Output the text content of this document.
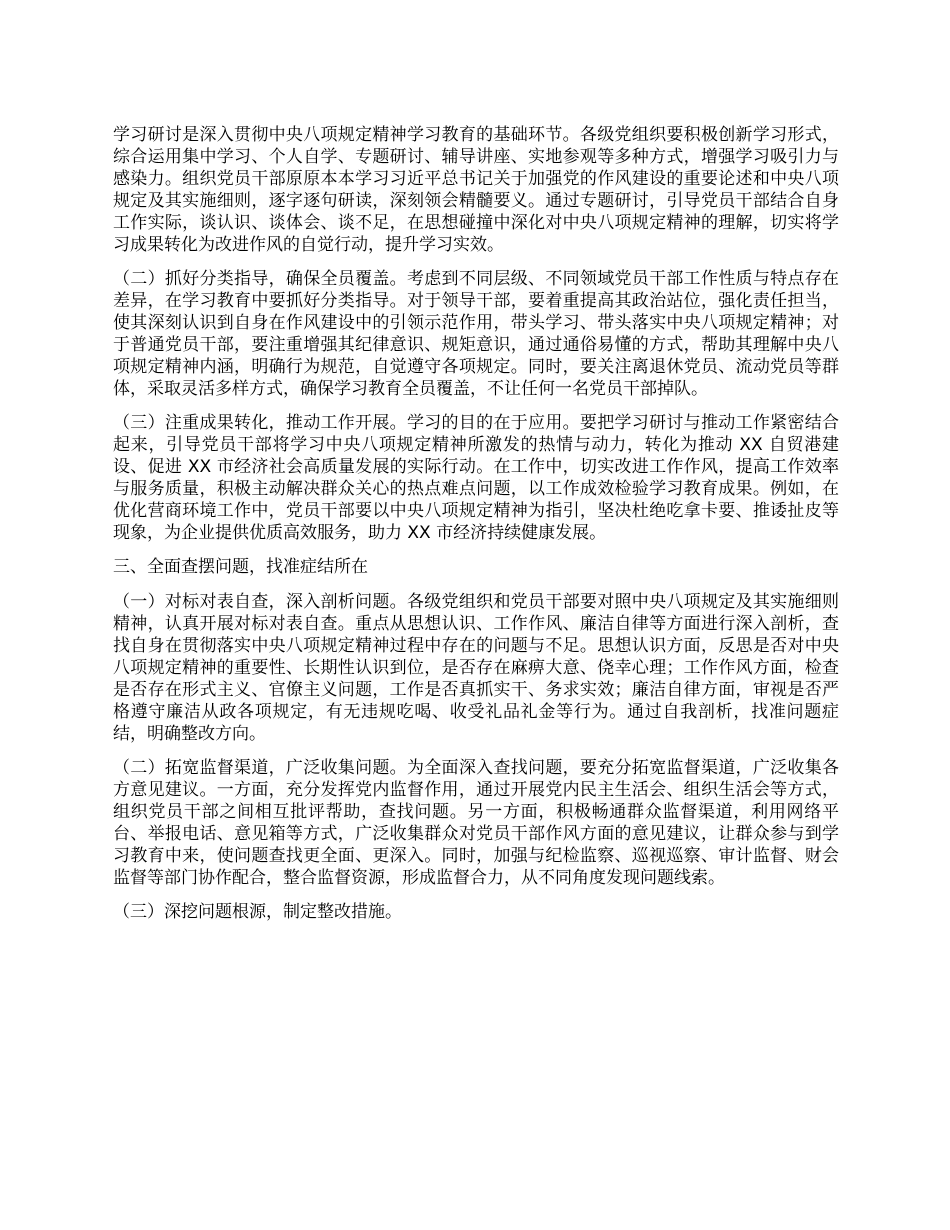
学习研讨是深入贯彻中央八项规定精神学习教育的基础环节。各级党组织要积极创新学习形式，综合运用集中学习、个人自学、专题研讨、辅导讲座、实地参观等多种方式，增强学习吸引力与感染力。组织党员干部原原本本学习习近平总书记关于加强党的作风建设的重要论述和中央八项规定及其实施细则，逐字逐句研读，深刻领会精髓要义。通过专题研讨，引导党员干部结合自身工作实际，谈认识、谈体会、谈不足，在思想碰撞中深化对中央八项规定精神的理解，切实将学习成果转化为改进作风的自觉行动，提升学习实效。

（二）抓好分类指导，确保全员覆盖。考虑到不同层级、不同领域党员干部工作性质与特点存在差异，在学习教育中要抓好分类指导。对于领导干部，要着重提高其政治站位，强化责任担当，使其深刻认识到自身在作风建设中的引领示范作用，带头学习、带头落实中央八项规定精神；对于普通党员干部，要注重增强其纪律意识、规矩意识，通过通俗易懂的方式，帮助其理解中央八项规定精神内涵，明确行为规范，自觉遵守各项规定。同时，要关注离退休党员、流动党员等群体，采取灵活多样方式，确保学习教育全员覆盖，不让任何一名党员干部掉队。

（三）注重成果转化，推动工作开展。学习的目的在于应用。要把学习研讨与推动工作紧密结合起来，引导党员干部将学习中央八项规定精神所激发的热情与动力，转化为推动 XX 自贸港建设、促进 XX 市经济社会高质量发展的实际行动。在工作中，切实改进工作作风，提高工作效率与服务质量，积极主动解决群众关心的热点难点问题，以工作成效检验学习教育成果。例如，在优化营商环境工作中，党员干部要以中央八项规定精神为指引，坚决杜绝吃拿卡要、推诿扯皮等现象，为企业提供优质高效服务，助力 XX 市经济持续健康发展。

三、全面查摆问题，找准症结所在

（一）对标对表自查，深入剖析问题。各级党组织和党员干部要对照中央八项规定及其实施细则精神，认真开展对标对表自查。重点从思想认识、工作作风、廉洁自律等方面进行深入剖析，查找自身在贯彻落实中央八项规定精神过程中存在的问题与不足。思想认识方面，反思是否对中央八项规定精神的重要性、长期性认识到位，是否存在麻痹大意、侥幸心理；工作作风方面，检查是否存在形式主义、官僚主义问题，工作是否真抓实干、务求实效；廉洁自律方面，审视是否严格遵守廉洁从政各项规定，有无违规吃喝、收受礼品礼金等行为。通过自我剖析，找准问题症结，明确整改方向。

（二）拓宽监督渠道，广泛收集问题。为全面深入查找问题，要充分拓宽监督渠道，广泛收集各方意见建议。一方面，充分发挥党内监督作用，通过开展党内民主生活会、组织生活会等方式，组织党员干部之间相互批评帮助，查找问题。另一方面，积极畅通群众监督渠道，利用网络平台、举报电话、意见箱等方式，广泛收集群众对党员干部作风方面的意见建议，让群众参与到学习教育中来，使问题查找更全面、更深入。同时，加强与纪检监察、巡视巡察、审计监督、财会监督等部门协作配合，整合监督资源，形成监督合力，从不同角度发现问题线索。

（三）深挖问题根源，制定整改措施。
